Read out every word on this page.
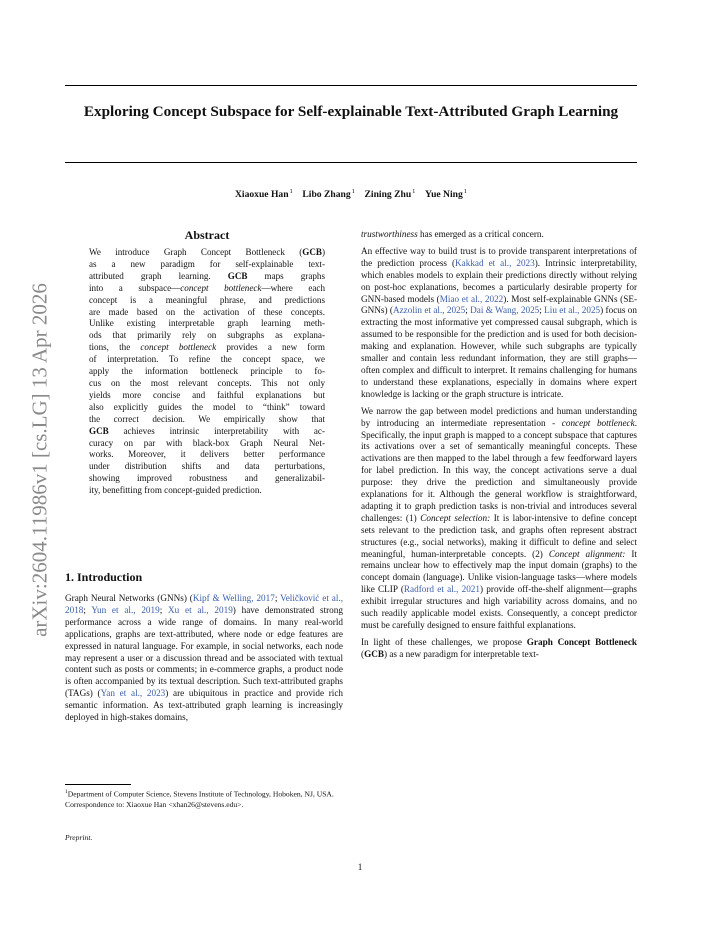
Exploring Concept Subspace for Self-explainable Text-Attributed Graph Learning
Xiaoxue Han$^1$  Libo Zhang$^1$  Zining Zhu$^1$  Yue Ning$^1$
arXiv:2604.11986v1 [cs.LG] 13 Apr 2026
Abstract
We introduce Graph Concept Bottleneck (GCB)
as a new paradigm for self-explainable text-
attributed graph learning. GCB maps graphs
into a subspace—concept bottleneck—where each
concept is a meaningful phrase, and predictions
are made based on the activation of these concepts.
Unlike existing interpretable graph learning meth-
ods that primarily rely on subgraphs as explana-
tions, the concept bottleneck provides a new form
of interpretation. To refine the concept space, we
apply the information bottleneck principle to fo-
cus on the most relevant concepts. This not only
yields more concise and faithful explanations but
also explicitly guides the model to “think” toward
the correct decision. We empirically show that
GCB achieves intrinsic interpretability with ac-
curacy on par with black-box Graph Neural Net-
works. Moreover, it delivers better performance
under distribution shifts and data perturbations,
showing improved robustness and generalizabil-
ity, benefitting from concept-guided prediction.
1. Introduction

Graph Neural Networks (GNNs) (Kipf & Welling, 2017; Veličković et al., 2018; Yun et al., 2019; Xu et al., 2019) have demonstrated strong performance across a wide range of domains. In many real-world applications, graphs are text-attributed, where node or edge features are expressed in natural language. For example, in social networks, each node may represent a user or a discussion thread and be associated with textual content such as posts or comments; in e-commerce graphs, a product node is often accompanied by its textual description. Such text-attributed graphs (TAGs) (Yan et al., 2023) are ubiquitous in practice and provide rich semantic information. As text-attributed graph learning is increasingly deployed in high-stakes domains,

$^1$Department of Computer Science, Stevens Institute of Technology, Hoboken, NJ, USA. Correspondence to: Xiaoxue Han <xhan26@stevens.edu>.
Preprint.

trustworthiness has emerged as a critical concern.

An effective way to build trust is to provide transparent interpretations of the prediction process (Kakkad et al., 2023). Intrinsic interpretability, which enables models to explain their predictions directly without relying on post-hoc explanations, becomes a particularly desirable property for GNN-based models (Miao et al., 2022). Most self-explainable GNNs (SE-GNNs) (Azzolin et al., 2025; Dai & Wang, 2025; Liu et al., 2025) focus on extracting the most informative yet compressed causal subgraph, which is assumed to be responsible for the prediction and is used for both decision-making and explanation. However, while such subgraphs are typically smaller and contain less redundant information, they are still graphs—often complex and difficult to interpret. It remains challenging for humans to understand these explanations, especially in domains where expert knowledge is lacking or the graph structure is intricate.

We narrow the gap between model predictions and human understanding by introducing an intermediate representation - concept bottleneck. Specifically, the input graph is mapped to a concept subspace that captures its activations over a set of semantically meaningful concepts. These activations are then mapped to the label through a few feedforward layers for label prediction. In this way, the concept activations serve a dual purpose: they drive the prediction and simultaneously provide explanations for it. Although the general workflow is straightforward, adapting it to graph prediction tasks is non-trivial and introduces several challenges: (1) Concept selection: It is labor-intensive to define concept sets relevant to the prediction task, and graphs often represent abstract structures (e.g., social networks), making it difficult to define and select meaningful, human-interpretable concepts. (2) Concept alignment: It remains unclear how to effectively map the input domain (graphs) to the concept domain (language). Unlike vision-language tasks—where models like CLIP (Radford et al., 2021) provide off-the-shelf alignment—graphs exhibit irregular structures and high variability across domains, and no such readily applicable model exists. Consequently, a concept predictor must be carefully designed to ensure faithful explanations.

In light of these challenges, we propose Graph Concept Bottleneck (GCB) as a new paradigm for interpretable text-

1
